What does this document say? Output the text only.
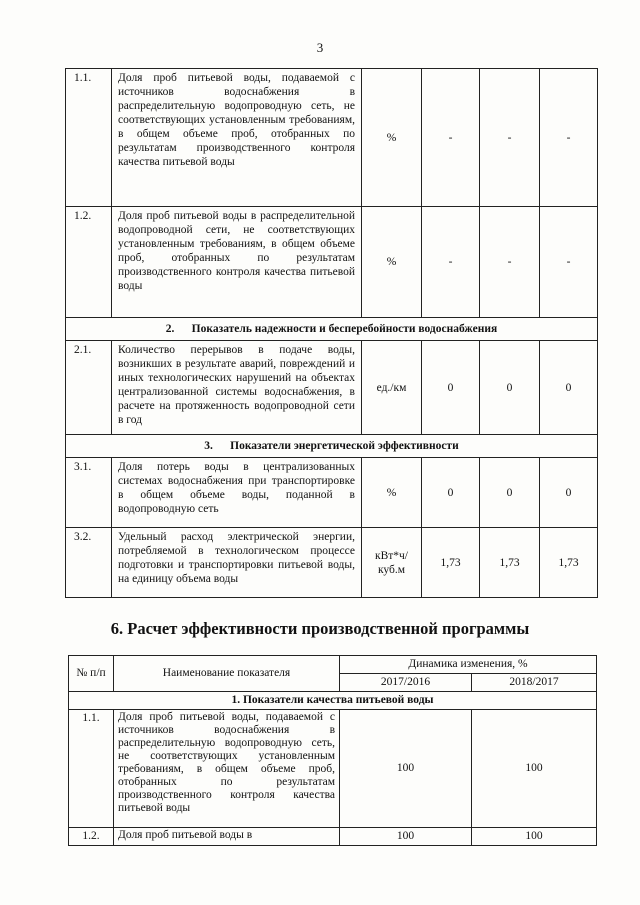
3
1.1.	Доля проб питьевой воды, подаваемой с источников водоснабжения в распределительную водопроводную сеть, не соответствующих установленным требованиям, в общем объеме проб, отобранных по результатам производственного контроля качества питьевой воды	%	-	-	-
1.2.	Доля проб питьевой воды в распределительной водопроводной сети, не соответствующих установленным требованиям, в общем объеме проб, отобранных по результатам производственного контроля качества питьевой воды	%	-	-	-
2.      Показатель надежности и бесперебойности водоснабжения					
2.1.	Количество перерывов в подаче воды, возникших в результате аварий, повреждений и иных технологических нарушений на объектах централизованной системы водоснабжения, в расчете на протяженность водопроводной сети в год	ед./км	0	0	0
3.      Показатели энергетической эффективности					
3.1.	Доля потерь воды в централизованных системах водоснабжения при транспортировке в общем объеме воды, поданной в водопроводную сеть	%	0	0	0
3.2.	Удельный расход электрической энергии, потребляемой в технологическом процессе подготовки и транспортировки питьевой воды, на единицу объема воды	кВт*ч/куб.м	1,73	1,73	1,73
6. Расчет эффективности производственной программы
№ п/п	Наименование показателя	Динамика изменения, %	
		2017/2016	2018/2017
1. Показатели качества питьевой воды			
1.1.	Доля проб питьевой воды, подаваемой с источников водоснабжения в распределительную водопроводную сеть, не соответствующих установленным требованиям, в общем объеме проб, отобранных по результатам производственного контроля качества питьевой воды	100	100
1.2.	Доля проб питьевой воды в	100	100
